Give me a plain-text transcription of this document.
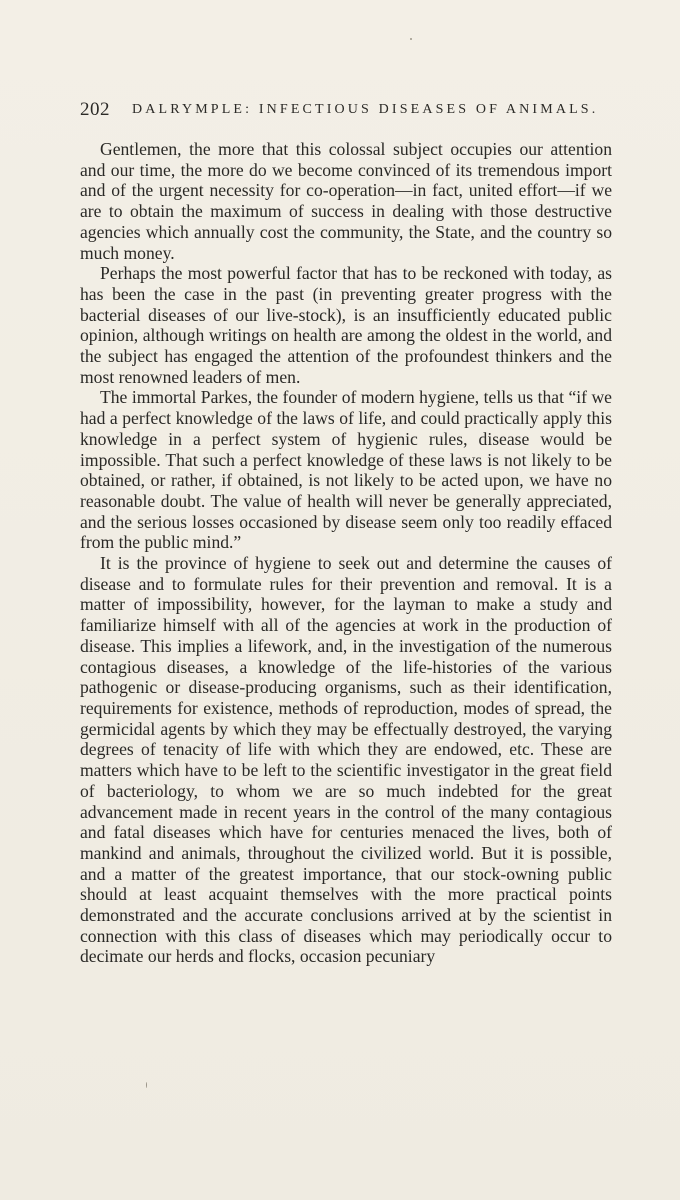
202 DALRYMPLE: INFECTIOUS DISEASES OF ANIMALS.

Gentlemen, the more that this colossal subject occupies our attention and our time, the more do we become convinced of its tremendous import and of the urgent necessity for co-operation—in fact, united effort—if we are to obtain the maximum of success in dealing with those destructive agencies which annually cost the community, the State, and the country so much money.

Perhaps the most powerful factor that has to be reckoned with today, as has been the case in the past (in preventing greater progress with the bacterial diseases of our live-stock), is an insufficiently educated public opinion, although writings on health are among the oldest in the world, and the subject has engaged the attention of the profoundest thinkers and the most renowned leaders of men.

The immortal Parkes, the founder of modern hygiene, tells us that “if we had a perfect knowledge of the laws of life, and could practically apply this knowledge in a perfect system of hygienic rules, disease would be impossible. That such a perfect knowledge of these laws is not likely to be obtained, or rather, if obtained, is not likely to be acted upon, we have no reasonable doubt. The value of health will never be generally appreciated, and the serious losses occasioned by disease seem only too readily effaced from the public mind.”

It is the province of hygiene to seek out and determine the causes of disease and to formulate rules for their prevention and removal. It is a matter of impossibility, however, for the layman to make a study and familiarize himself with all of the agencies at work in the production of disease. This implies a lifework, and, in the investigation of the numerous contagious diseases, a knowledge of the life-histories of the various pathogenic or disease-producing organisms, such as their identification, requirements for existence, methods of reproduction, modes of spread, the germicidal agents by which they may be effectually destroyed, the varying degrees of tenacity of life with which they are endowed, etc. These are matters which have to be left to the scientific investigator in the great field of bacteriology, to whom we are so much indebted for the great advancement made in recent years in the control of the many contagious and fatal diseases which have for centuries menaced the lives, both of mankind and animals, throughout the civilized world. But it is possible, and a matter of the greatest importance, that our stock-owning public should at least acquaint themselves with the more practical points demonstrated and the accurate conclusions arrived at by the scientist in connection with this class of diseases which may periodically occur to decimate our herds and flocks, occasion pecuniary
